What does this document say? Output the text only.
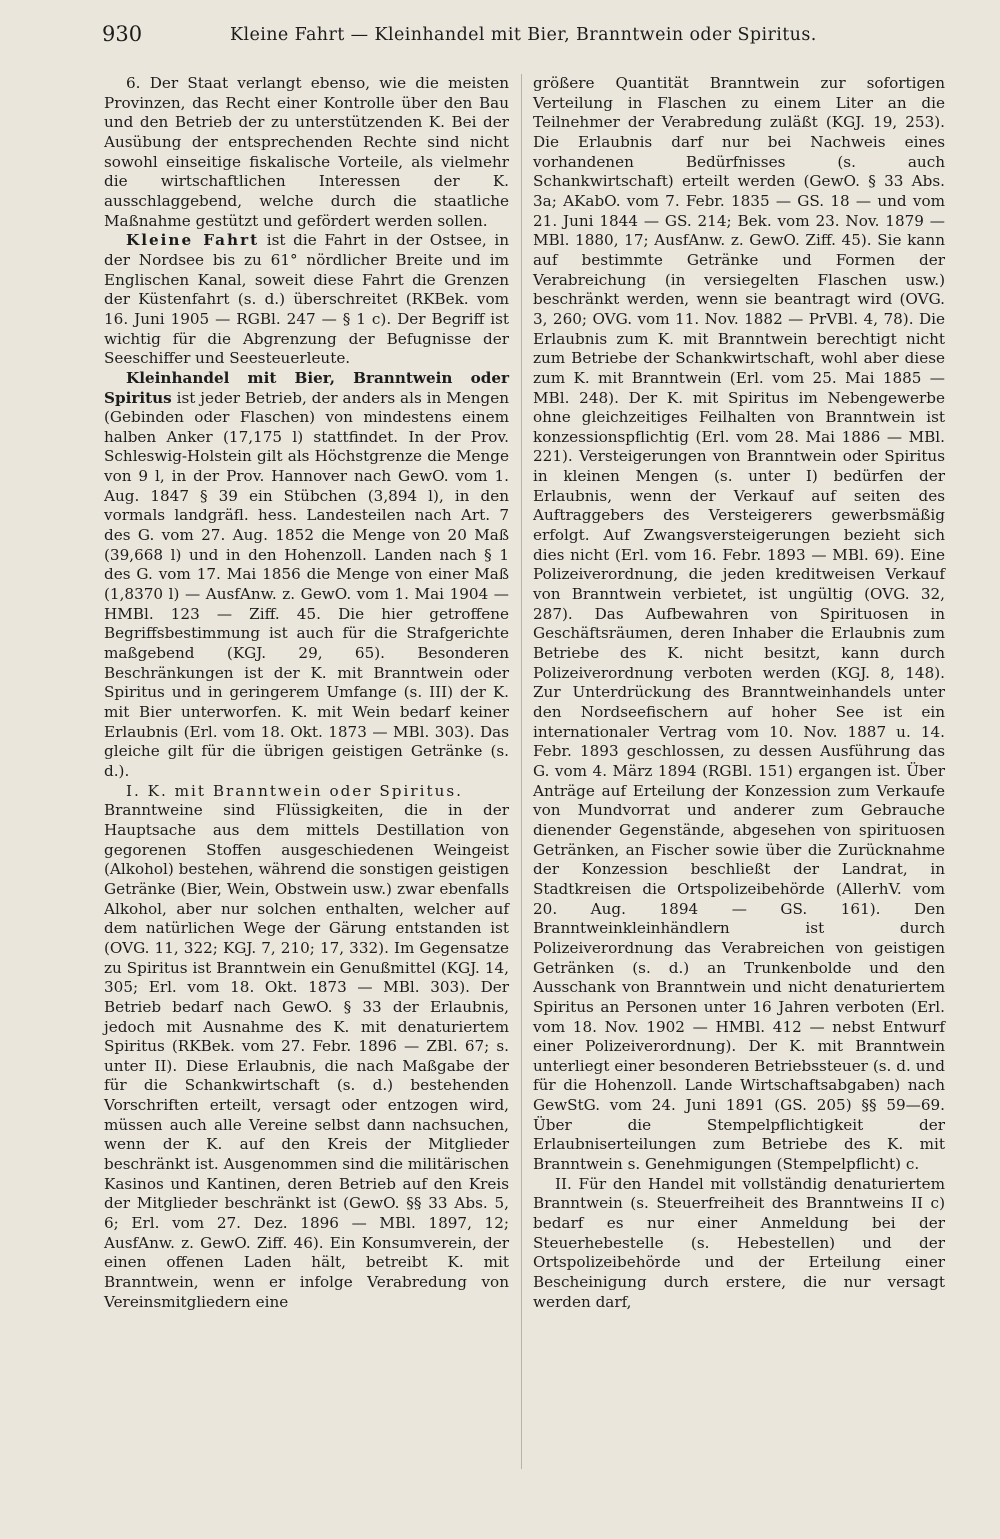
930	Kleine Fahrt — Kleinhandel mit Bier, Branntwein oder Spiritus.

6. Der Staat verlangt ebenso, wie die meisten Provinzen, das Recht einer Kontrolle über den Bau und den Betrieb der zu unterstützenden K. Bei der Ausübung der entsprechenden Rechte sind nicht sowohl einseitige fiskalische Vorteile, als vielmehr die wirtschaftlichen Interessen der K. ausschlaggebend, welche durch die staatliche Maßnahme gestützt und gefördert werden sollen.

Kleine Fahrt ist die Fahrt in der Ostsee, in der Nordsee bis zu 61° nördlicher Breite und im Englischen Kanal, soweit diese Fahrt die Grenzen der Küstenfahrt (s. d.) überschreitet (RKBek. vom 16. Juni 1905 — RGBl. 247 — § 1 c). Der Begriff ist wichtig für die Abgrenzung der Befugnisse der Seeschiffer und Seesteuerleute.

Kleinhandel mit Bier, Branntwein oder Spiritus ist jeder Betrieb, der anders als in Mengen (Gebinden oder Flaschen) von mindestens einem halben Anker (17,175 l) stattfindet. In der Prov. Schleswig-Holstein gilt als Höchstgrenze die Menge von 9 l, in der Prov. Hannover nach GewO. vom 1. Aug. 1847 § 39 ein Stübchen (3,894 l), in den vormals landgräfl. hess. Landesteilen nach Art. 7 des G. vom 27. Aug. 1852 die Menge von 20 Maß (39,668 l) und in den Hohenzoll. Landen nach § 1 des G. vom 17. Mai 1856 die Menge von einer Maß (1,8370 l) — AusfAnw. z. GewO. vom 1. Mai 1904 — HMBl. 123 — Ziff. 45. Die hier getroffene Begriffsbestimmung ist auch für die Strafgerichte maßgebend (KGJ. 29, 65). Besonderen Beschränkungen ist der K. mit Branntwein oder Spiritus und in geringerem Umfange (s. III) der K. mit Bier unterworfen. K. mit Wein bedarf keiner Erlaubnis (Erl. vom 18. Okt. 1873 — MBl. 303). Das gleiche gilt für die übrigen geistigen Getränke (s. d.).

I. K. mit Branntwein oder Spiritus.

Branntweine sind Flüssigkeiten, die in der Hauptsache aus dem mittels Destillation von gegorenen Stoffen ausgeschiedenen Weingeist (Alkohol) bestehen, während die sonstigen geistigen Getränke (Bier, Wein, Obstwein usw.) zwar ebenfalls Alkohol, aber nur solchen enthalten, welcher auf dem natürlichen Wege der Gärung entstanden ist (OVG. 11, 322; KGJ. 7, 210; 17, 332). Im Gegensatze zu Spiritus ist Branntwein ein Genußmittel (KGJ. 14, 305; Erl. vom 18. Okt. 1873 — MBl. 303). Der Betrieb bedarf nach GewO. § 33 der Erlaubnis, jedoch mit Ausnahme des K. mit denaturiertem Spiritus (RKBek. vom 27. Febr. 1896 — ZBl. 67; s. unter II). Diese Erlaubnis, die nach Maßgabe der für die Schankwirtschaft (s. d.) bestehenden Vorschriften erteilt, versagt oder entzogen wird, müssen auch alle Vereine selbst dann nachsuchen, wenn der K. auf den Kreis der Mitglieder beschränkt ist. Ausgenommen sind die militärischen Kasinos und Kantinen, deren Betrieb auf den Kreis der Mitglieder beschränkt ist (GewO. §§ 33 Abs. 5, 6; Erl. vom 27. Dez. 1896 — MBl. 1897, 12; AusfAnw. z. GewO. Ziff. 46). Ein Konsumverein, der einen offenen Laden hält, betreibt K. mit Branntwein, wenn er infolge Verabredung von Vereinsmitgliedern eine

größere Quantität Branntwein zur sofortigen Verteilung in Flaschen zu einem Liter an die Teilnehmer der Verabredung zuläßt (KGJ. 19, 253). Die Erlaubnis darf nur bei Nachweis eines vorhandenen Bedürfnisses (s. auch Schankwirtschaft) erteilt werden (GewO. § 33 Abs. 3a; AKabO. vom 7. Febr. 1835 — GS. 18 — und vom 21. Juni 1844 — GS. 214; Bek. vom 23. Nov. 1879 — MBl. 1880, 17; AusfAnw. z. GewO. Ziff. 45). Sie kann auf bestimmte Getränke und Formen der Verabreichung (in versiegelten Flaschen usw.) beschränkt werden, wenn sie beantragt wird (OVG. 3, 260; OVG. vom 11. Nov. 1882 — PrVBl. 4, 78). Die Erlaubnis zum K. mit Branntwein berechtigt nicht zum Betriebe der Schankwirtschaft, wohl aber diese zum K. mit Branntwein (Erl. vom 25. Mai 1885 — MBl. 248). Der K. mit Spiritus im Nebengewerbe ohne gleichzeitiges Feilhalten von Branntwein ist konzessionspflichtig (Erl. vom 28. Mai 1886 — MBl. 221). Versteigerungen von Branntwein oder Spiritus in kleinen Mengen (s. unter I) bedürfen der Erlaubnis, wenn der Verkauf auf seiten des Auftraggebers des Versteigerers gewerbsmäßig erfolgt. Auf Zwangsversteigerungen bezieht sich dies nicht (Erl. vom 16. Febr. 1893 — MBl. 69). Eine Polizeiverordnung, die jeden kreditweisen Verkauf von Branntwein verbietet, ist ungültig (OVG. 32, 287). Das Aufbewahren von Spirituosen in Geschäftsräumen, deren Inhaber die Erlaubnis zum Betriebe des K. nicht besitzt, kann durch Polizeiverordnung verboten werden (KGJ. 8, 148). Zur Unterdrückung des Branntweinhandels unter den Nordseefischern auf hoher See ist ein internationaler Vertrag vom 10. Nov. 1887 u. 14. Febr. 1893 geschlossen, zu dessen Ausführung das G. vom 4. März 1894 (RGBl. 151) ergangen ist. Über Anträge auf Erteilung der Konzession zum Verkaufe von Mundvorrat und anderer zum Gebrauche dienender Gegenstände, abgesehen von spirituosen Getränken, an Fischer sowie über die Zurücknahme der Konzession beschließt der Landrat, in Stadtkreisen die Ortspolizeibehörde (AllerhV. vom 20. Aug. 1894 — GS. 161). Den Branntweinkleinhändlern ist durch Polizeiverordnung das Verabreichen von geistigen Getränken (s. d.) an Trunkenbolde und den Ausschank von Branntwein und nicht denaturiertem Spiritus an Personen unter 16 Jahren verboten (Erl. vom 18. Nov. 1902 — HMBl. 412 — nebst Entwurf einer Polizeiverordnung). Der K. mit Branntwein unterliegt einer besonderen Betriebssteuer (s. d. und für die Hohenzoll. Lande Wirtschaftsabgaben) nach GewStG. vom 24. Juni 1891 (GS. 205) §§ 59—69. Über die Stempelpflichtigkeit der Erlaubniserteilungen zum Betriebe des K. mit Branntwein s. Genehmigungen (Stempelpflicht) c.

II. Für den Handel mit vollständig denaturiertem Branntwein (s. Steuerfreiheit des Branntweins II c) bedarf es nur einer Anmeldung bei der Steuerhebestelle (s. Hebestellen) und der Ortspolizeibehörde und der Erteilung einer Bescheinigung durch erstere, die nur versagt werden darf,
